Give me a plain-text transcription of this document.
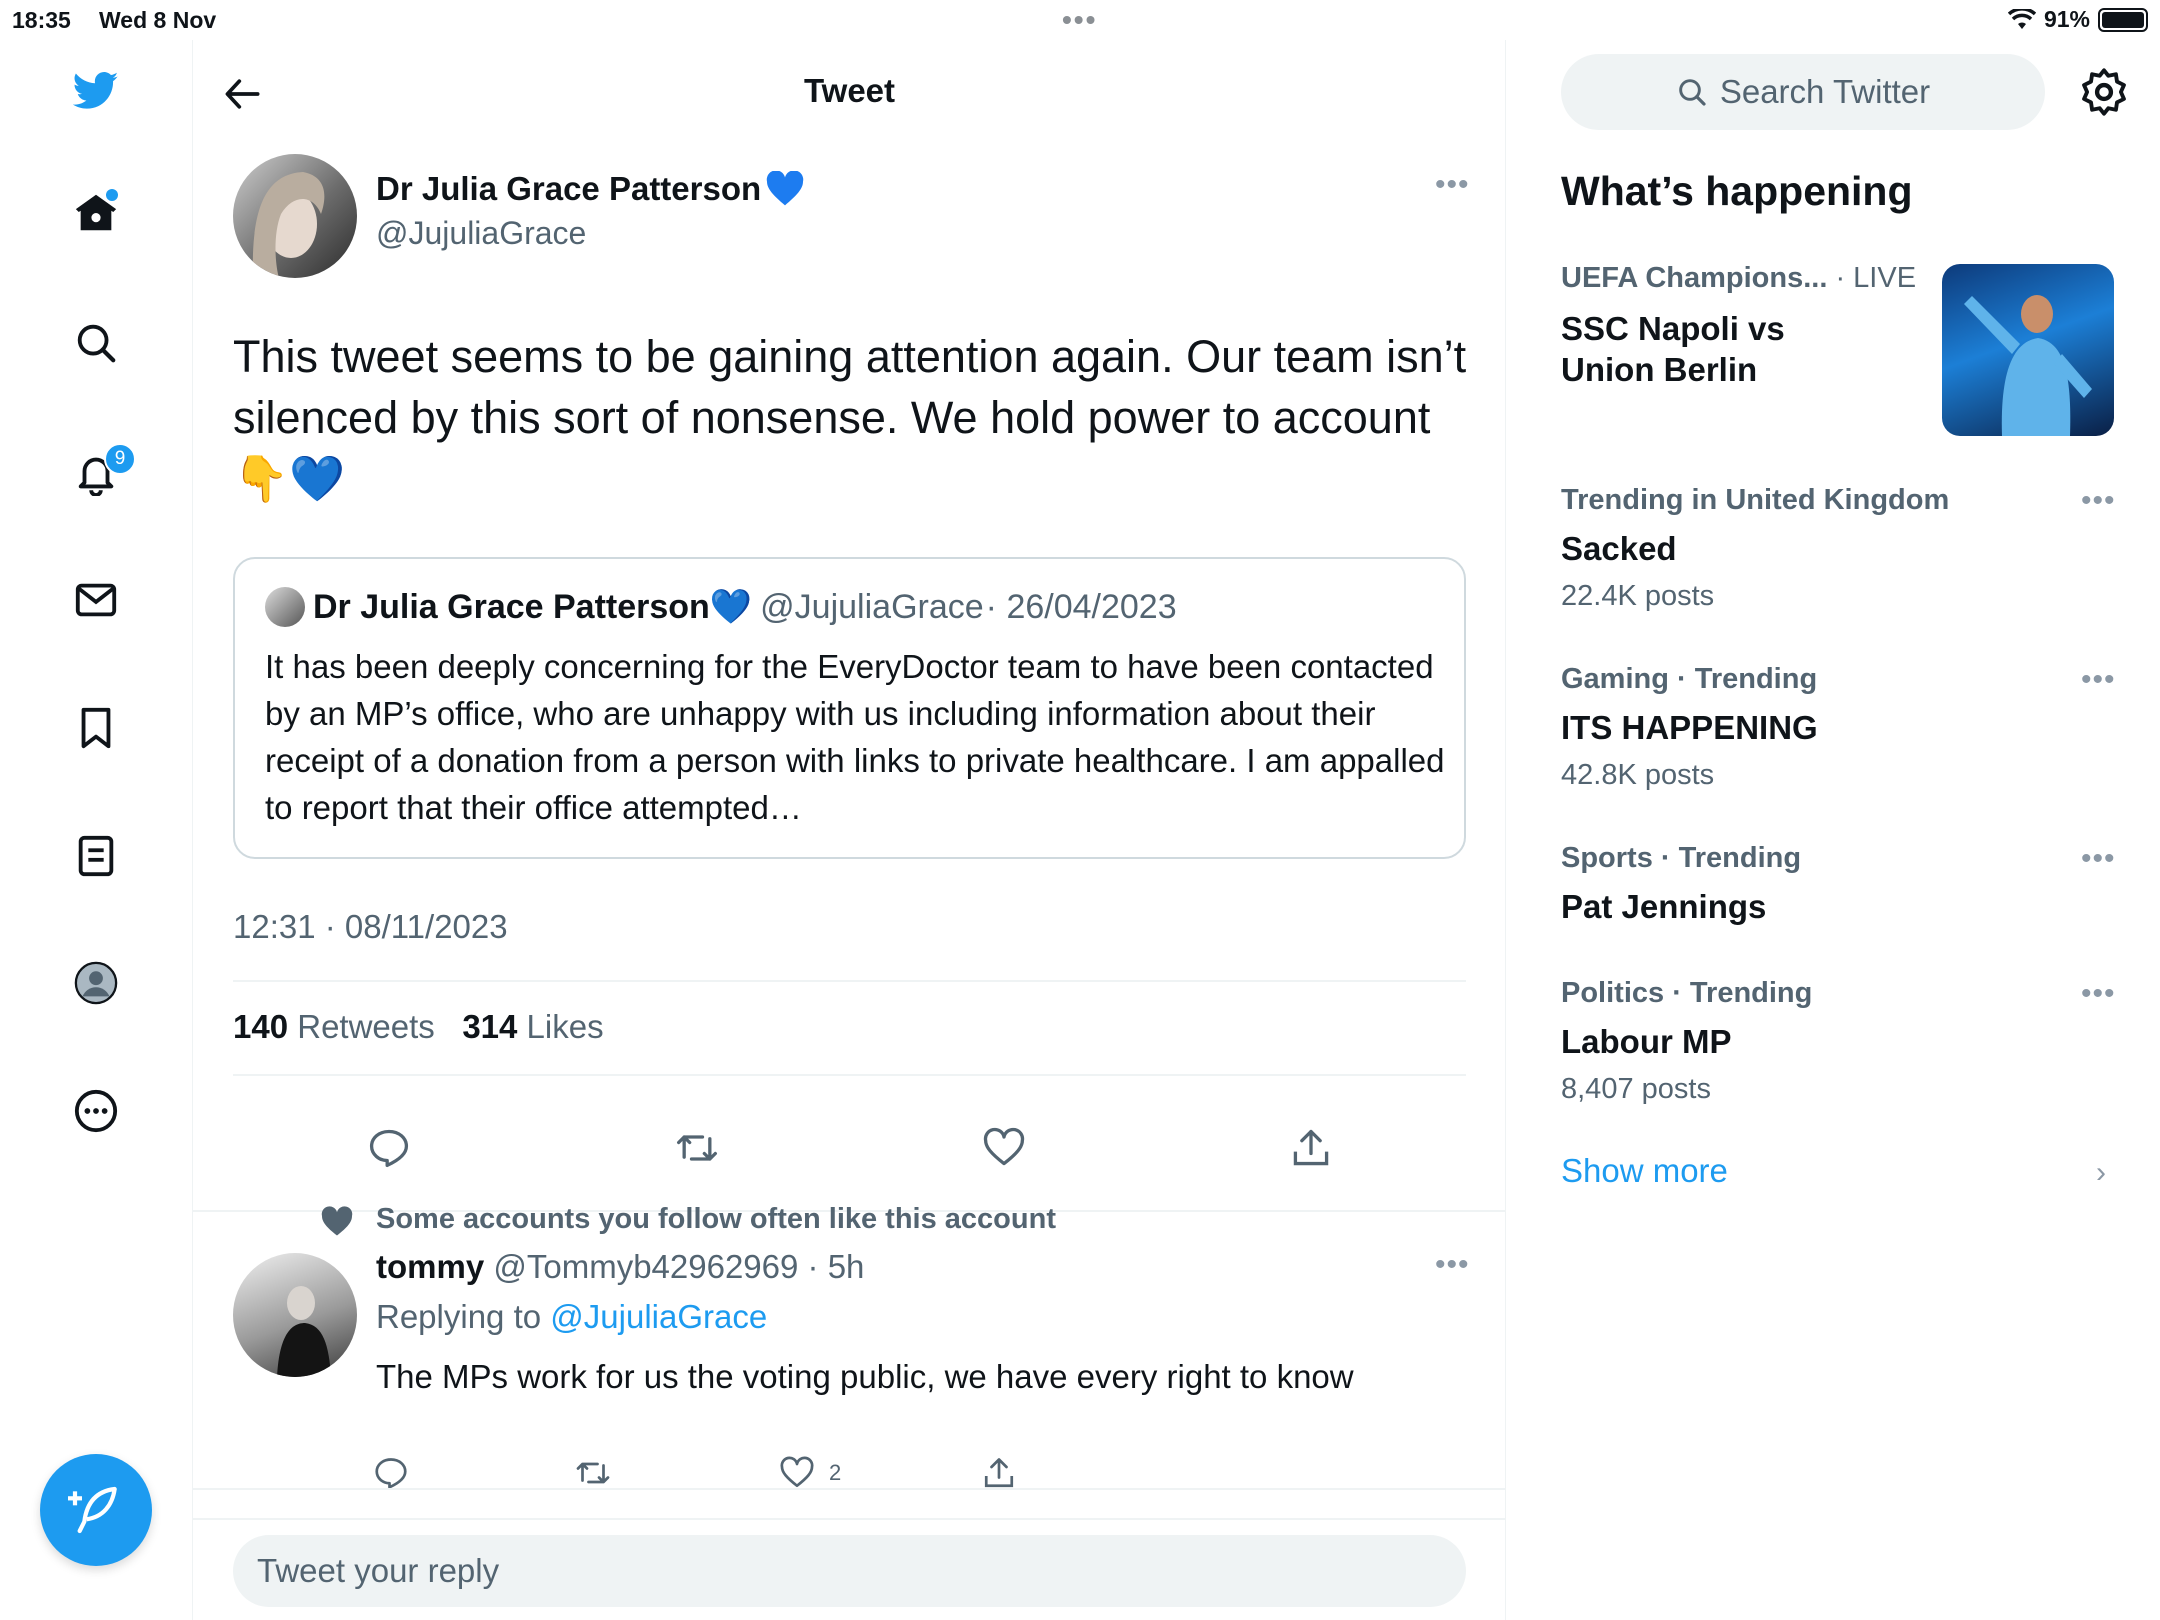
18:35 Wed 8 Nov	•••	91%
9
Tweet
Dr Julia Grace Patterson
@JujuliaGrace
•••
This tweet seems to be gaining attention again. Our team isn’t silenced by this sort of nonsense. We hold power to account 👇💙
Dr Julia Grace Patterson💙 @JujuliaGrace · 26/04/2023
It has been deeply concerning for the EveryDoctor team to have been contacted by an MP’s office, who are unhappy with us including information about their receipt of a donation from a person with links to private healthcare. I am appalled to report that their office attempted…
12:31 · 08/11/2023
140 Retweets 314 Likes
Some accounts you follow often like this account
tommy @Tommyb42962969 · 5h	•••
Replying to @JujuliaGrace
The MPs work for us the voting public, we have every right to know
2
Tweet your reply
Search Twitter
What’s happening
UEFA Champions... · LIVE
SSC Napoli vs
Union Berlin
Trending in United Kingdom	•••
Sacked
22.4K posts
Gaming · Trending	•••
ITS HAPPENING
42.8K posts
Sports · Trending	•••
Pat Jennings
Politics · Trending	•••
Labour MP
8,407 posts
Show more	›
